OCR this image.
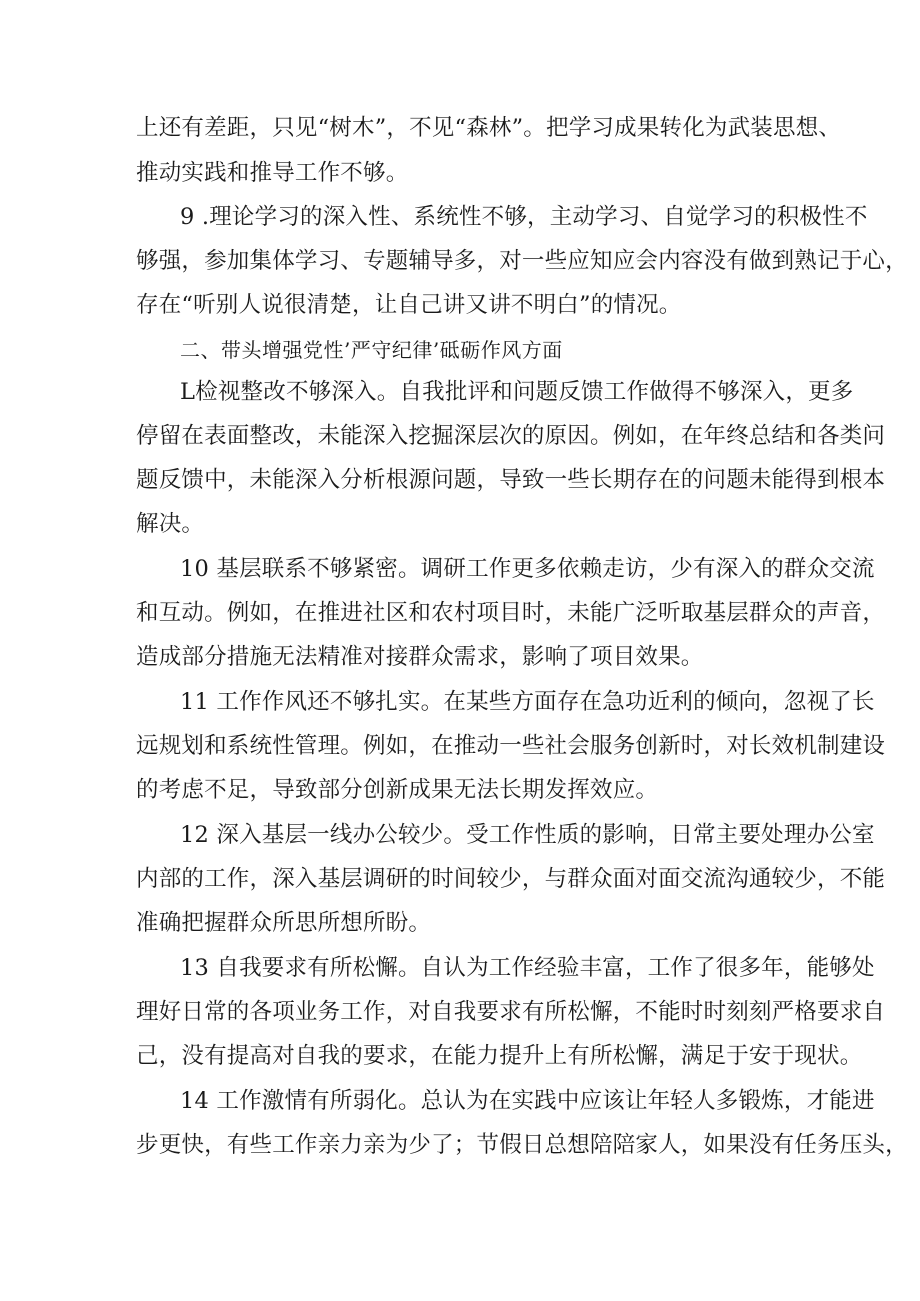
上还有差距，只见“树木”，不见“森林”。把学习成果转化为武装思想、
推动实践和推导工作不够。
9 .理论学习的深入性、系统性不够，主动学习、自觉学习的积极性不
够强，参加集体学习、专题辅导多，对一些应知应会内容没有做到熟记于心，
存在“听别人说很清楚，让自己讲又讲不明白”的情况。
二、带头增强党性’严守纪律’砥砺作风方面
L检视整改不够深入。自我批评和问题反馈工作做得不够深入，更多
停留在表面整改，未能深入挖掘深层次的原因。例如，在年终总结和各类问
题反馈中，未能深入分析根源问题，导致一些长期存在的问题未能得到根本
解决。
10 基层联系不够紧密。调研工作更多依赖走访，少有深入的群众交流
和互动。例如，在推进社区和农村项目时，未能广泛听取基层群众的声音，
造成部分措施无法精准对接群众需求，影响了项目效果。
11 工作作风还不够扎实。在某些方面存在急功近利的倾向，忽视了长
远规划和系统性管理。例如，在推动一些社会服务创新时，对长效机制建设
的考虑不足，导致部分创新成果无法长期发挥效应。
12 深入基层一线办公较少。受工作性质的影响，日常主要处理办公室
内部的工作，深入基层调研的时间较少，与群众面对面交流沟通较少，不能
准确把握群众所思所想所盼。
13 自我要求有所松懈。自认为工作经验丰富，工作了很多年，能够处
理好日常的各项业务工作，对自我要求有所松懈，不能时时刻刻严格要求自
己，没有提高对自我的要求，在能力提升上有所松懈，满足于安于现状。
14 工作激情有所弱化。总认为在实践中应该让年轻人多锻炼，才能进
步更快，有些工作亲力亲为少了；节假日总想陪陪家人，如果没有任务压头，
